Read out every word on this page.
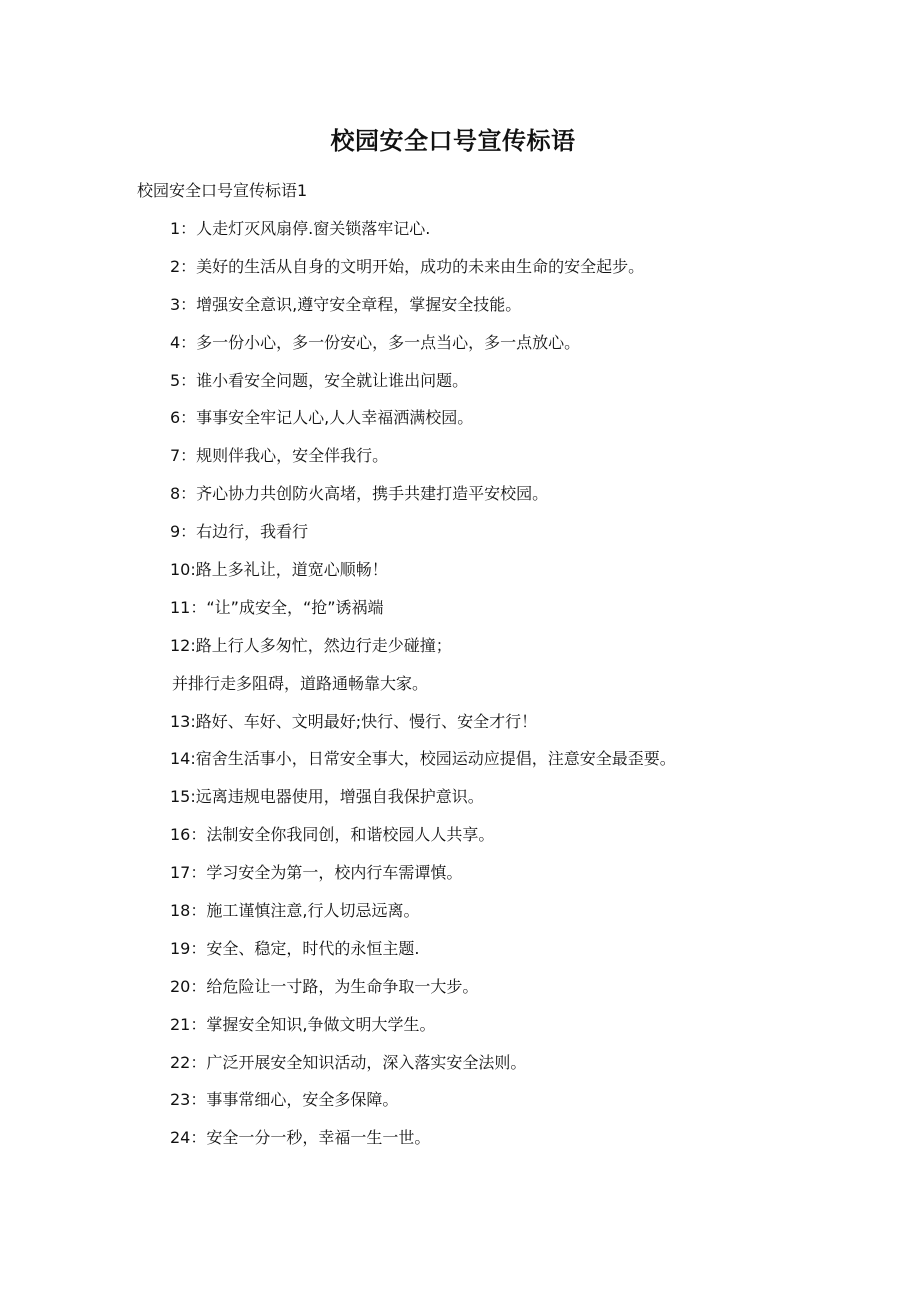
校园安全口号宣传标语
校园安全口号宣传标语1
1：人走灯灭风扇停.窗关锁落牢记心.
2：美好的生活从自身的文明开始，成功的未来由生命的安全起步。
3：增强安全意识,遵守安全章程，掌握安全技能。
4：多一份小心，多一份安心，多一点当心，多一点放心。
5：谁小看安全问题，安全就让谁出问题。
6：事事安全牢记人心,人人幸福洒满校园。
7：规则伴我心，安全伴我行。
8：齐心协力共创防火高堵，携手共建打造平安校园。
9：右边行，我看行
10:路上多礼让，道宽心顺畅！
11：“让”成安全，“抢”诱祸端
12:路上行人多匆忙，然边行走少碰撞；
并排行走多阻碍，道路通畅靠大家。
13:路好、车好、文明最好;快行、慢行、安全才行！
14:宿舍生活事小，日常安全事大，校园运动应提倡，注意安全最歪要。
15:远离违规电器使用，增强自我保护意识。
16：法制安全你我同创，和谐校园人人共享。
17：学习安全为第一，校内行车需谭慎。
18：施工谨慎注意,行人切忌远离。
19：安全、稳定，时代的永恒主题.
20：给危险让一寸路，为生命争取一大步。
21：掌握安全知识,争做文明大学生。
22：广泛开展安全知识活动，深入落实安全法则。
23：事事常细心，安全多保障。
24：安全一分一秒，幸福一生一世。
